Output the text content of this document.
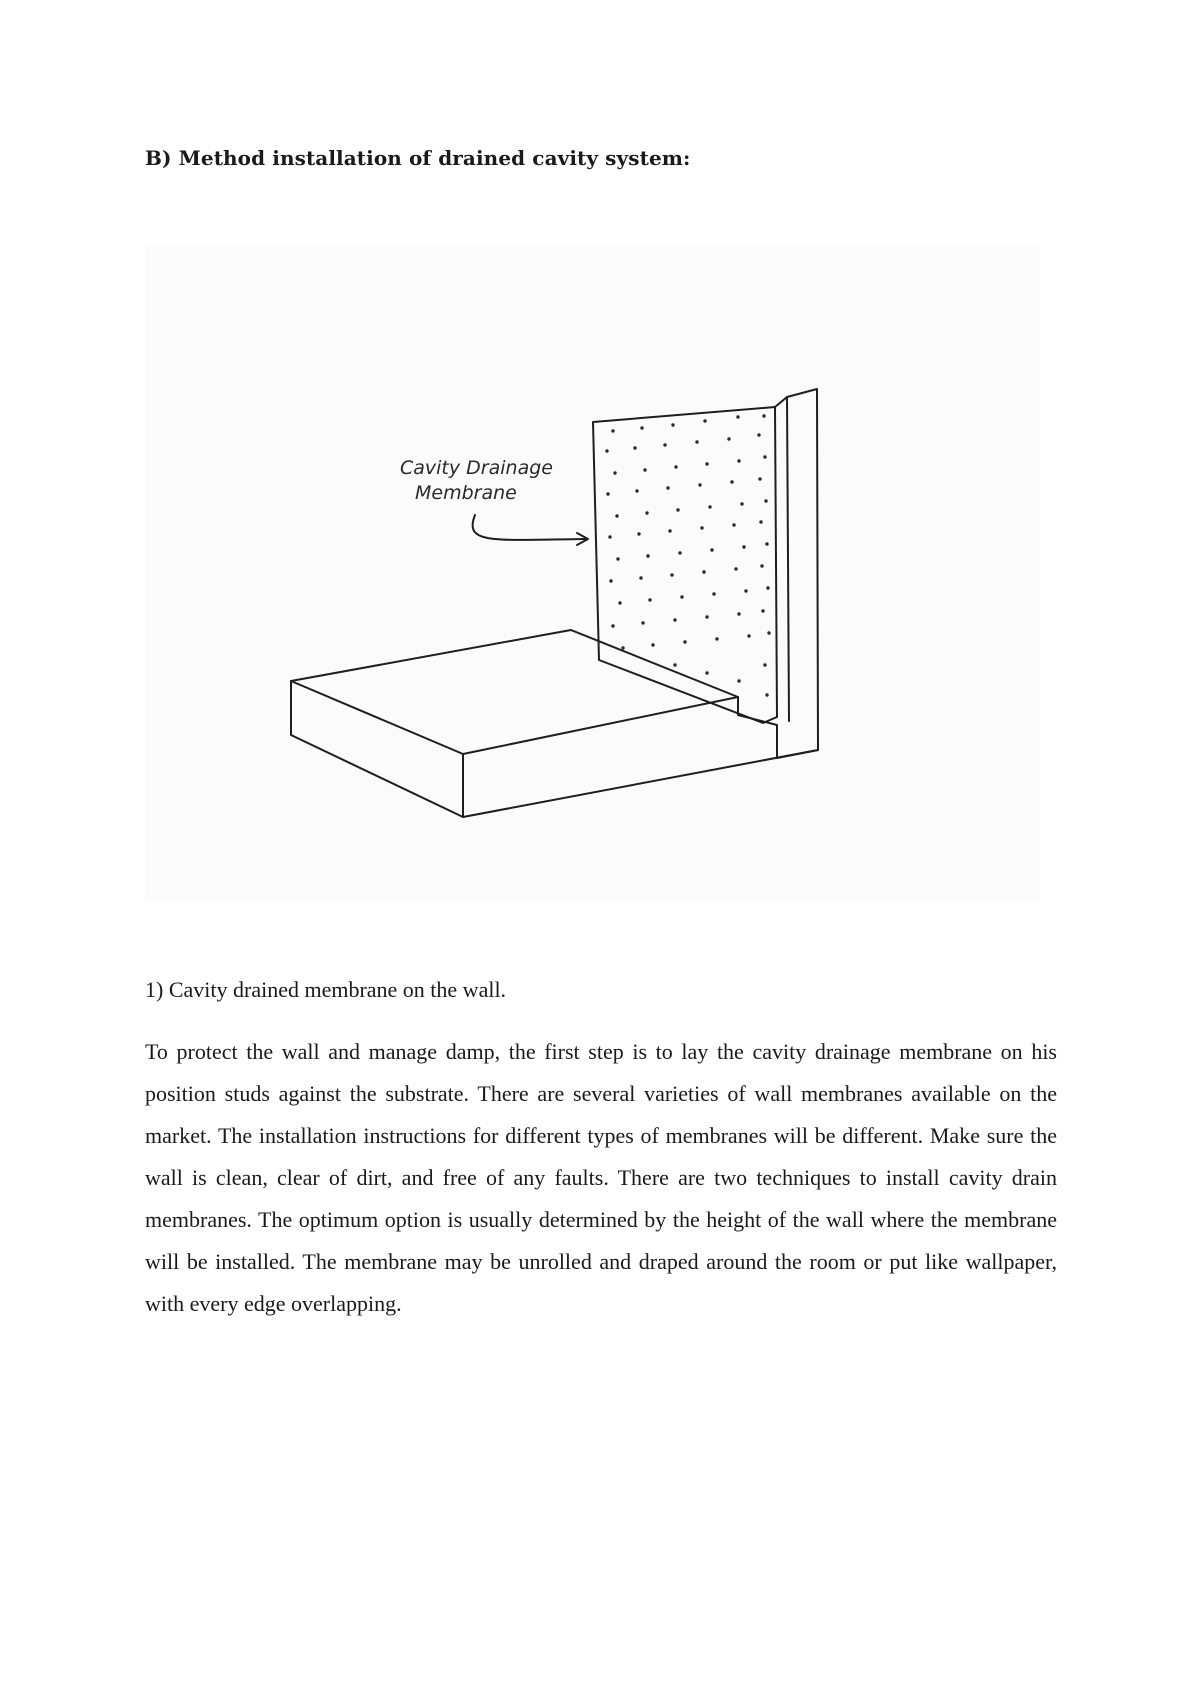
B) Method installation of drained cavity system:
Cavity Drainage
Membrane

1) Cavity drained membrane on the wall.

To protect the wall and manage damp, the first step is to lay the cavity drainage membrane on his position studs against the substrate. There are several varieties of wall membranes available on the market. The installation instructions for different types of membranes will be different. Make sure the wall is clean, clear of dirt, and free of any faults. There are two techniques to install cavity drain membranes. The optimum option is usually determined by the height of the wall where the membrane will be installed. The membrane may be unrolled and draped around the room or put like wallpaper, with every edge overlapping.
